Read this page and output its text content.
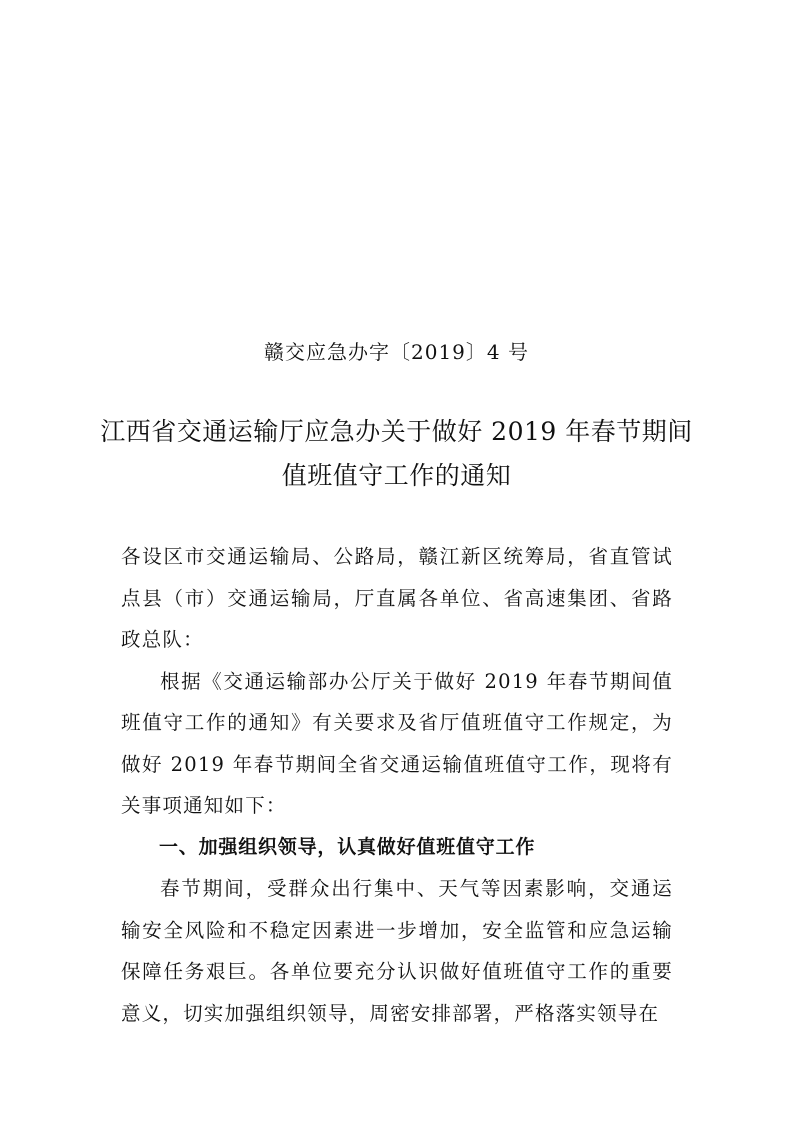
赣交应急办字〔2019〕4 号
江西省交通运输厅应急办关于做好 2019 年春节期间
值班值守工作的通知

各设区市交通运输局、公路局，赣江新区统筹局，省直管试点县（市）交通运输局，厅直属各单位、省高速集团、省路政总队：

根据《交通运输部办公厅关于做好 2019 年春节期间值班值守工作的通知》有关要求及省厅值班值守工作规定，为做好 2019 年春节期间全省交通运输值班值守工作，现将有关事项通知如下：

一、加强组织领导，认真做好值班值守工作

春节期间，受群众出行集中、天气等因素影响，交通运输安全风险和不稳定因素进一步增加，安全监管和应急运输保障任务艰巨。各单位要充分认识做好值班值守工作的重要意义，切实加强组织领导，周密安排部署，严格落实领导在
